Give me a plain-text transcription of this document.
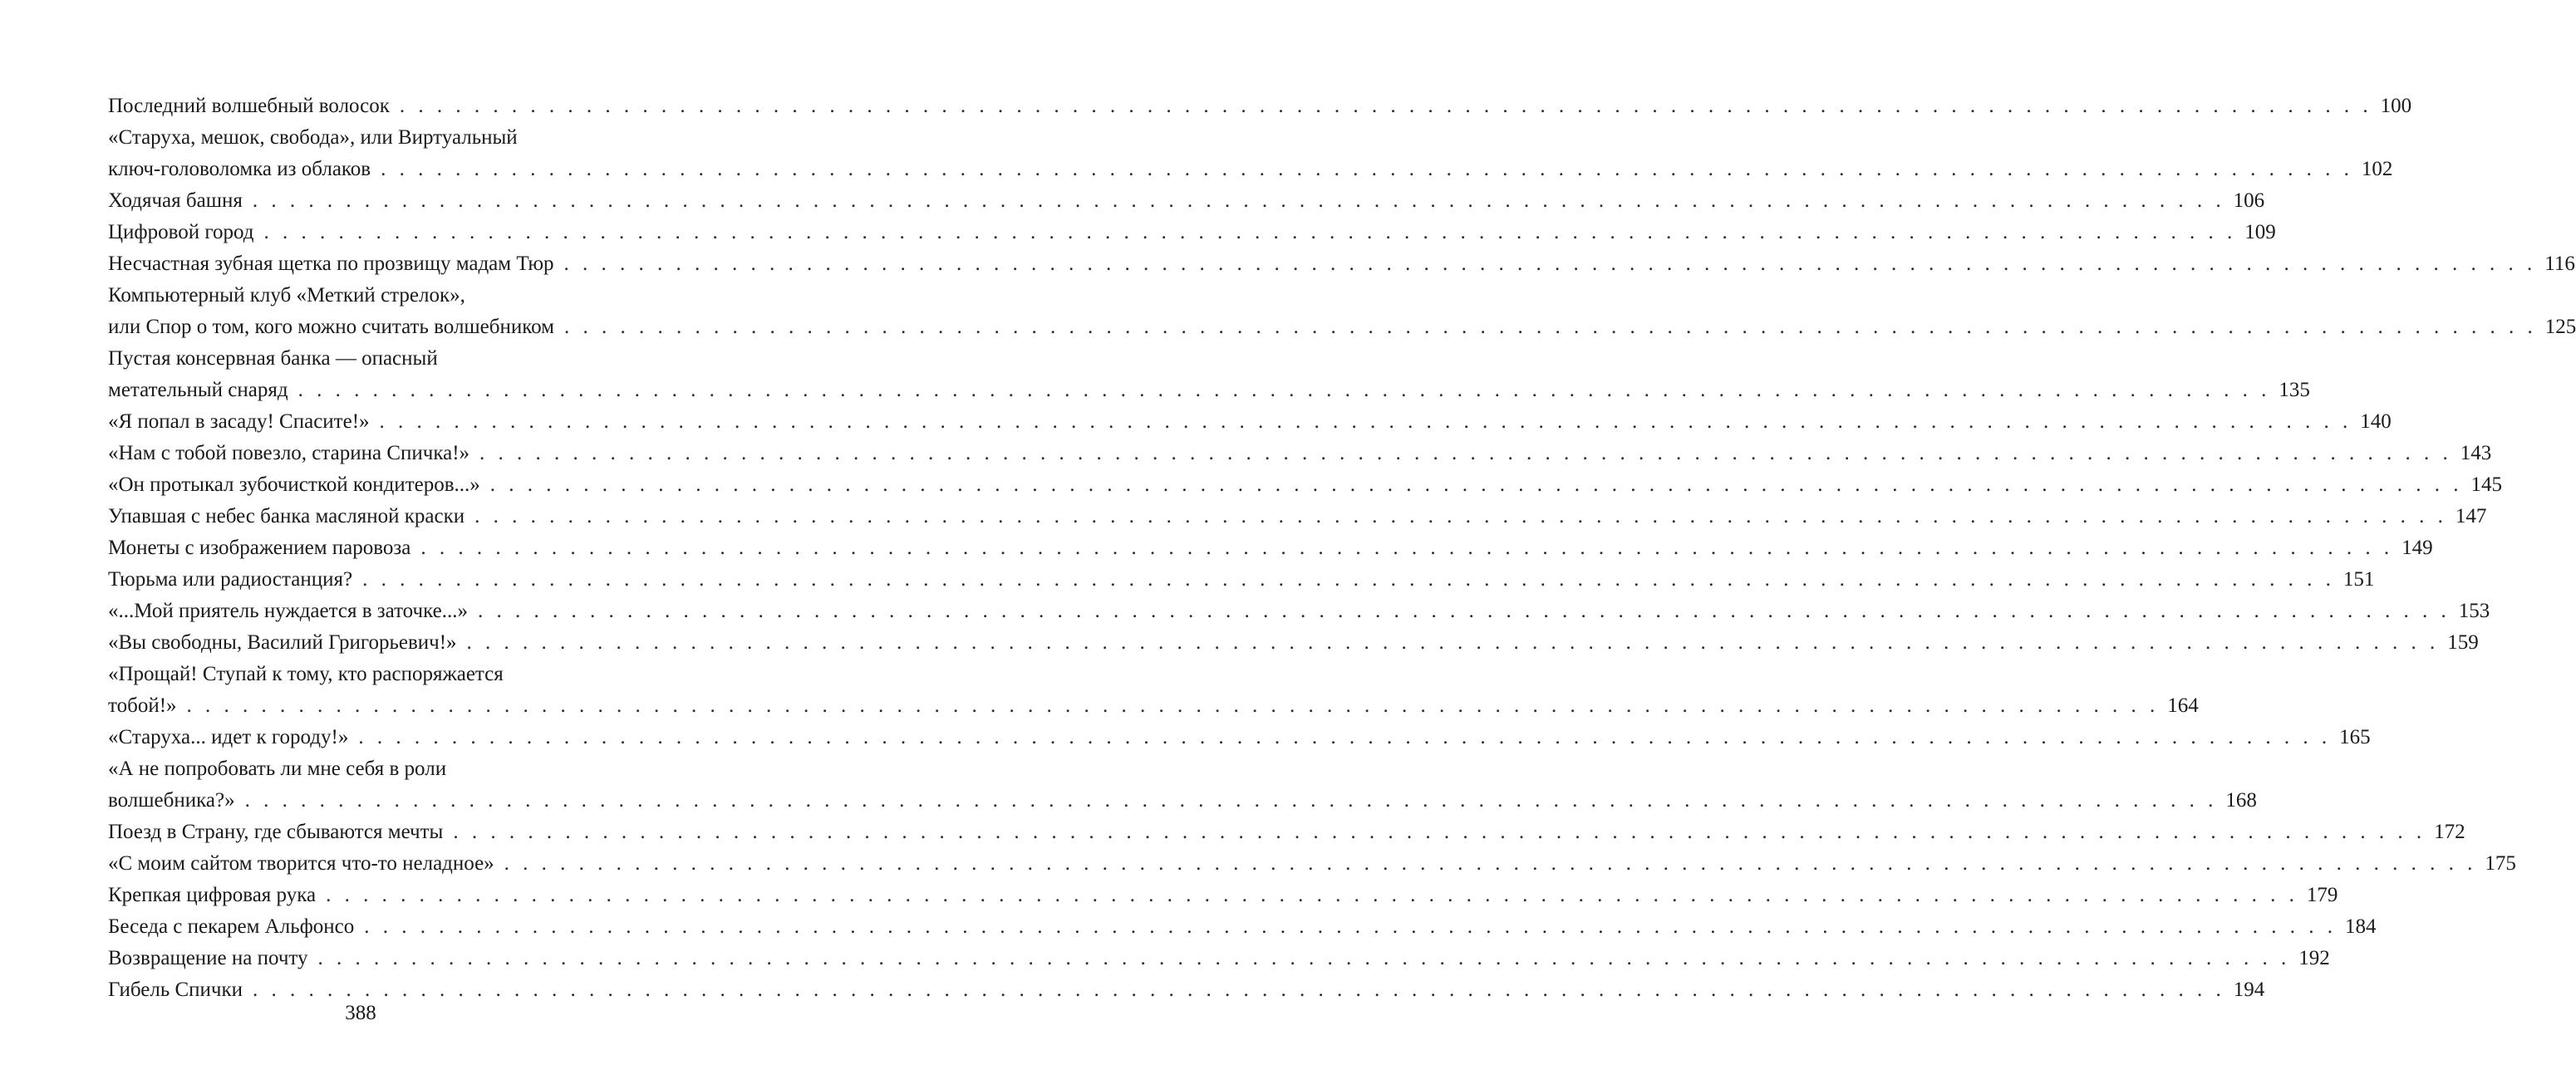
Последний волшебный волосок . . .	100
«Старуха, мешок, свобода», или Виртуальный
ключ-головоломка из облаков . . .	102
Ходячая башня . . .	106
Цифровой город . . .	109
Несчастная зубная щетка по прозвищу мадам Тюр . . .	116
Компьютерный клуб «Меткий стрелок»,
или Спор о том, кого можно считать волшебником . . .	125
Пустая консервная банка — опасный
метательный снаряд . . .	135
«Я попал в засаду! Спасите!» . . .	140
«Нам с тобой повезло, старина Спичка!» . . .	143
«Он протыкал зубочисткой кондитеров...» . . .	145
Упавшая с небес банка масляной краски . . .	147
Монеты с изображением паровоза . . .	149
Тюрьма или радиостанция? . . .	151
«...Мой приятель нуждается в заточке...» . . .	153
«Вы свободны, Василий Григорьевич!» . . .	159
«Прощай! Ступай к тому, кто распоряжается
тобой!» . . .	164
«Старуха... идет к городу!» . . .	165
«А не попробовать ли мне себя в роли
волшебника?» . . .	168
Поезд в Страну, где сбываются мечты . . .	172
«С моим сайтом творится что-то неладное» . . .	175
Крепкая цифровая рука . . .	179
Беседа с пекарем Альфонсо . . .	184
Возвращение на почту . . .	192
Гибель Спички . . .	194
388
